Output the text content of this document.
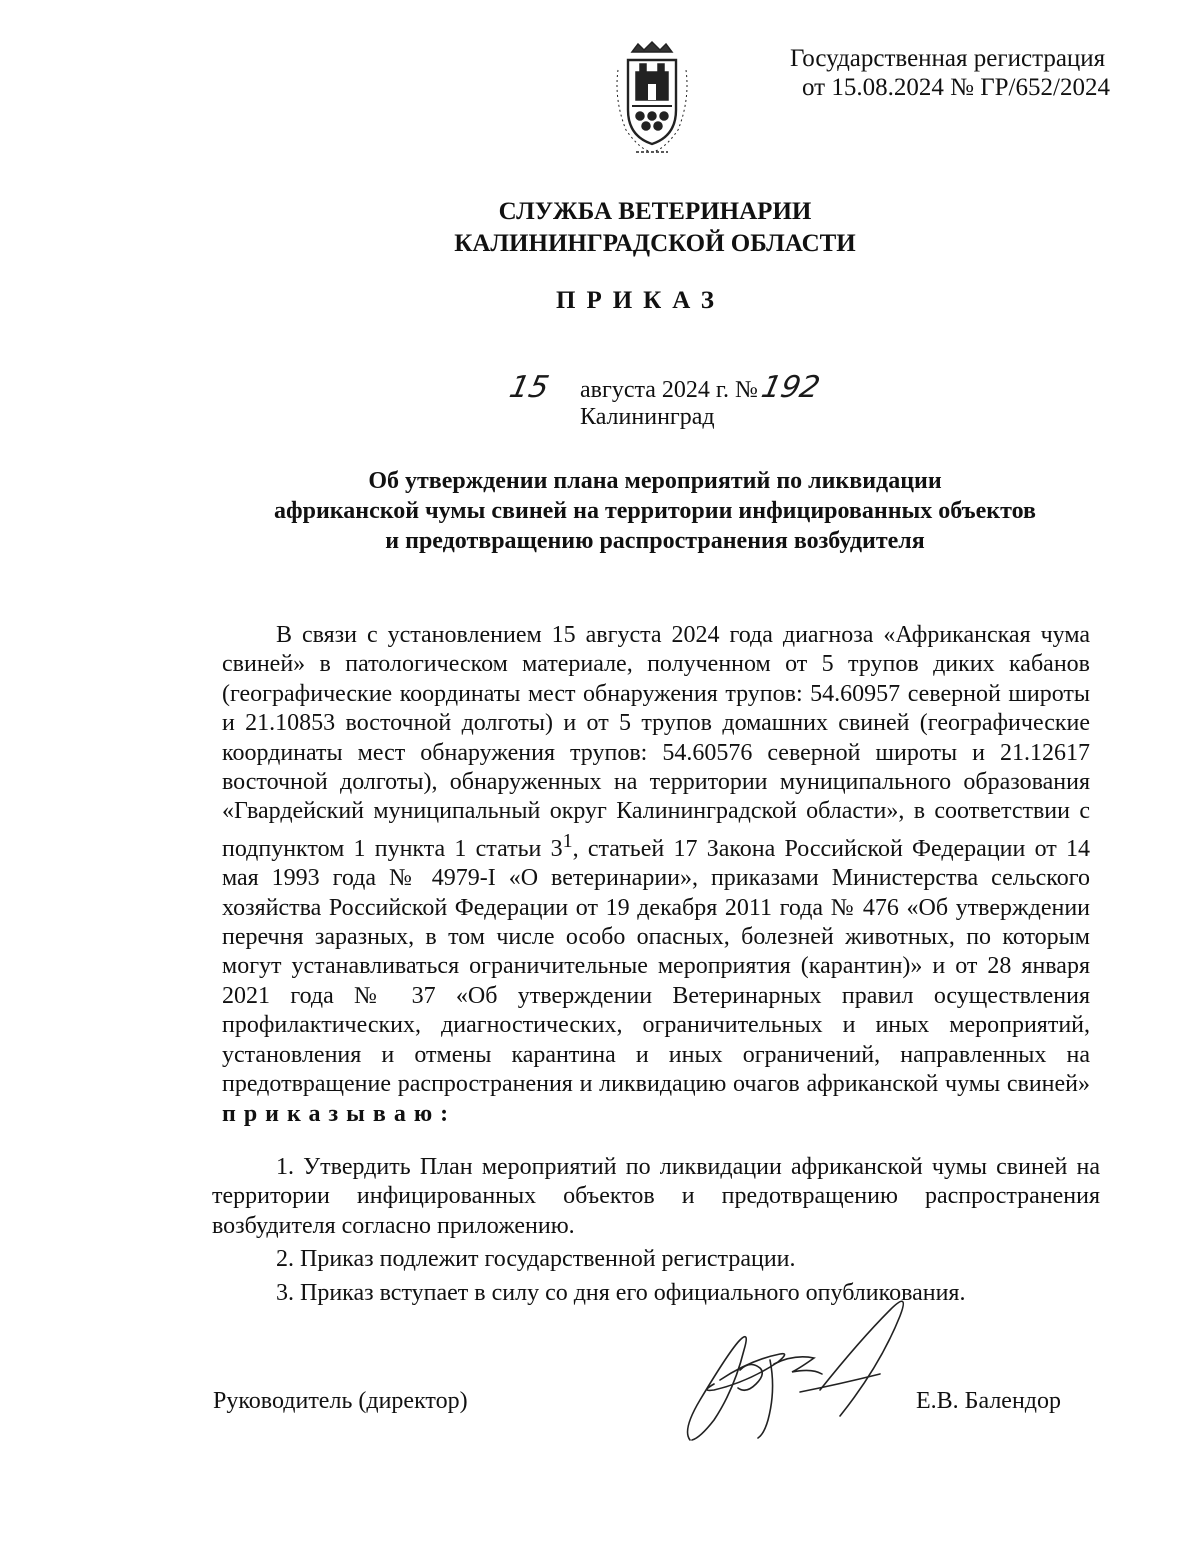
Государственная регистрация
от 15.08.2024 № ГР/652/2024
СЛУЖБА ВЕТЕРИНАРИИ
КАЛИНИНГРАДСКОЙ ОБЛАСТИ
ПРИКАЗ
15 августа 2024 г. №192
Калининград
Об утверждении плана мероприятий по ликвидации
африканской чумы свиней на территории инфицированных объектов
и предотвращению распространения возбудителя

В связи с установлением 15 августа 2024 года диагноза «Африканская чума свиней» в патологическом материале, полученном от 5 трупов диких кабанов (географические координаты мест обнаружения трупов: 54.60957 северной широты и 21.10853 восточной долготы) и от 5 трупов домашних свиней (географические координаты мест обнаружения трупов: 54.60576 северной широты и 21.12617 восточной долготы), обнаруженных на территории муниципального образования «Гвардейский муниципальный округ Калининградской области», в соответствии с подпунктом 1 пункта 1 статьи $3^1$, статьей 17 Закона Российской Федерации от 14 мая 1993 года № 4979-I «О ветеринарии», приказами Министерства сельского хозяйства Российской Федерации от 19 декабря 2011 года № 476 «Об утверждении перечня заразных, в том числе особо опасных, болезней животных, по которым могут устанавливаться ограничительные мероприятия (карантин)» и от 28 января 2021 года № 37 «Об утверждении Ветеринарных правил осуществления профилактических, диагностических, ограничительных и иных мероприятий, установления и отмены карантина и иных ограничений, направленных на предотвращение распространения и ликвидацию очагов африканской чумы свиней» приказываю:

1. Утвердить План мероприятий по ликвидации африканской чумы свиней на территории инфицированных объектов и предотвращению распространения возбудителя согласно приложению.

2. Приказ подлежит государственной регистрации.

3. Приказ вступает в силу со дня его официального опубликования.

Руководитель (директор)	Е.В. Балендор
